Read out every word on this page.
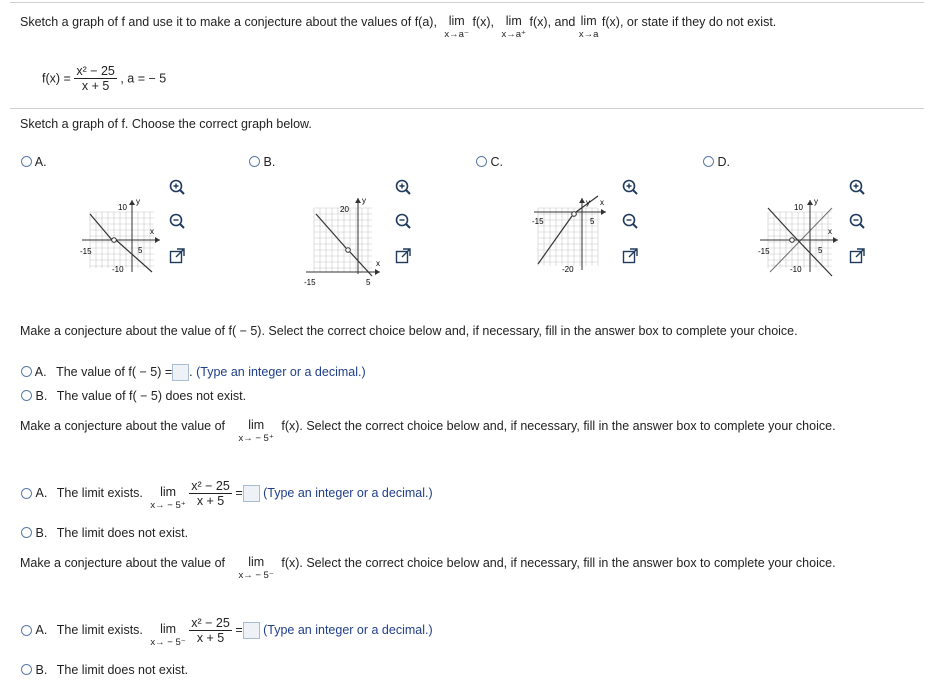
Sketch a graph of f and use it to make a conjecture about the values of f(a), lim
x→a⁻
f(x), lim
x→a⁺
f(x), and lim
x→a
f(x), or state if they do not exist.
$f(x) = \frac{\text{x² − 25}}{x + 5}$ , a = − 5
Sketch a graph of f. Choose the correct graph below.
A.
10
x
-15	5
-10
y
B.
20
y
x
-15	5
C.
y x
-15	5
-20
D.
10
y
x
-15	5
-10
Make a conjecture about the value of f( − 5). Select the correct choice below and, if necessary, fill in the answer box to complete your choice.
A. The value of f( − 5) = . (Type an integer or a decimal.)
B. The value of f( − 5) does not exist.
Make a conjecture about the value of lim
x→ − 5⁺
f(x). Select the correct choice below and, if necessary, fill in the answer box to complete your choice.
A. The limit exists. lim
x→ − 5⁺
$\frac{\text{x² − 25}}{x + 5}$ = (Type an integer or a decimal.)
B. The limit does not exist.
Make a conjecture about the value of lim
x→ − 5⁻
f(x). Select the correct choice below and, if necessary, fill in the answer box to complete your choice.
A. The limit exists. lim
x→ − 5⁻
$\frac{\text{x² − 25}}{x + 5}$ = (Type an integer or a decimal.)
B. The limit does not exist.
